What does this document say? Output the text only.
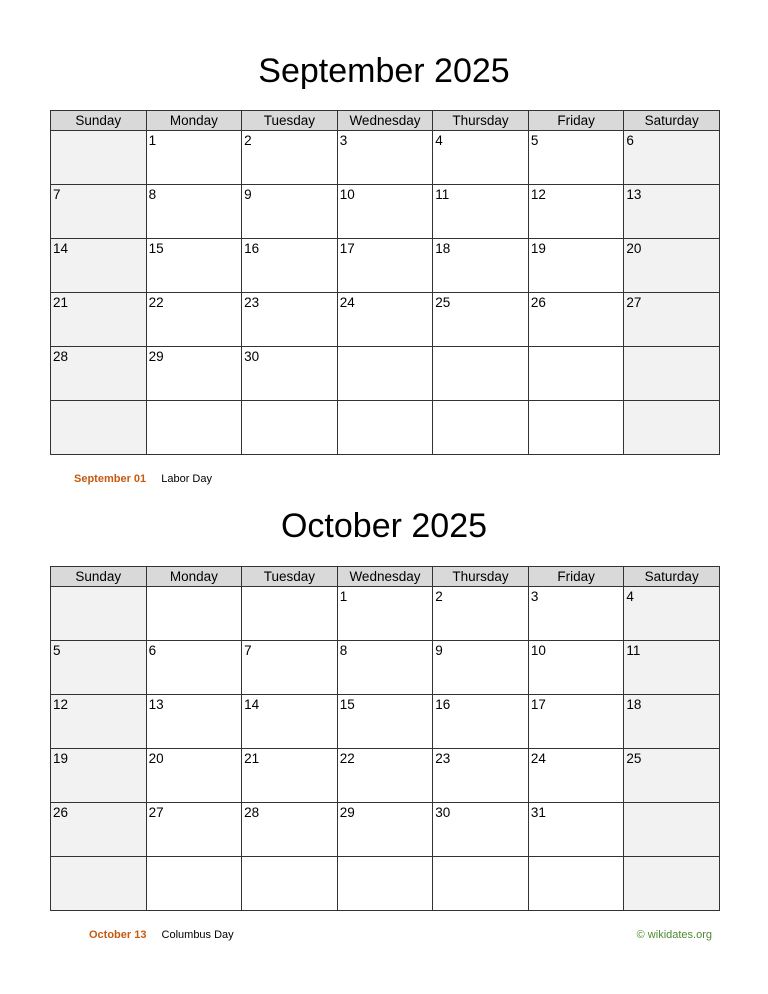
September 2025
Sunday	Monday	Tuesday	Wednesday	Thursday	Friday	Saturday

	1	2	3	4	5	6

7	8	9	10	11	12	13

14	15	16	17	18	19	20

21	22	23	24	25	26	27

28	29	30				

September 01 Labor Day
October 2025
Sunday	Monday	Tuesday	Wednesday	Thursday	Friday	Saturday

			1	2	3	4

5	6	7	8	9	10	11

12	13	14	15	16	17	18

19	20	21	22	23	24	25

26	27	28	29	30	31	

October 13 Columbus Day	© wikidates.org
